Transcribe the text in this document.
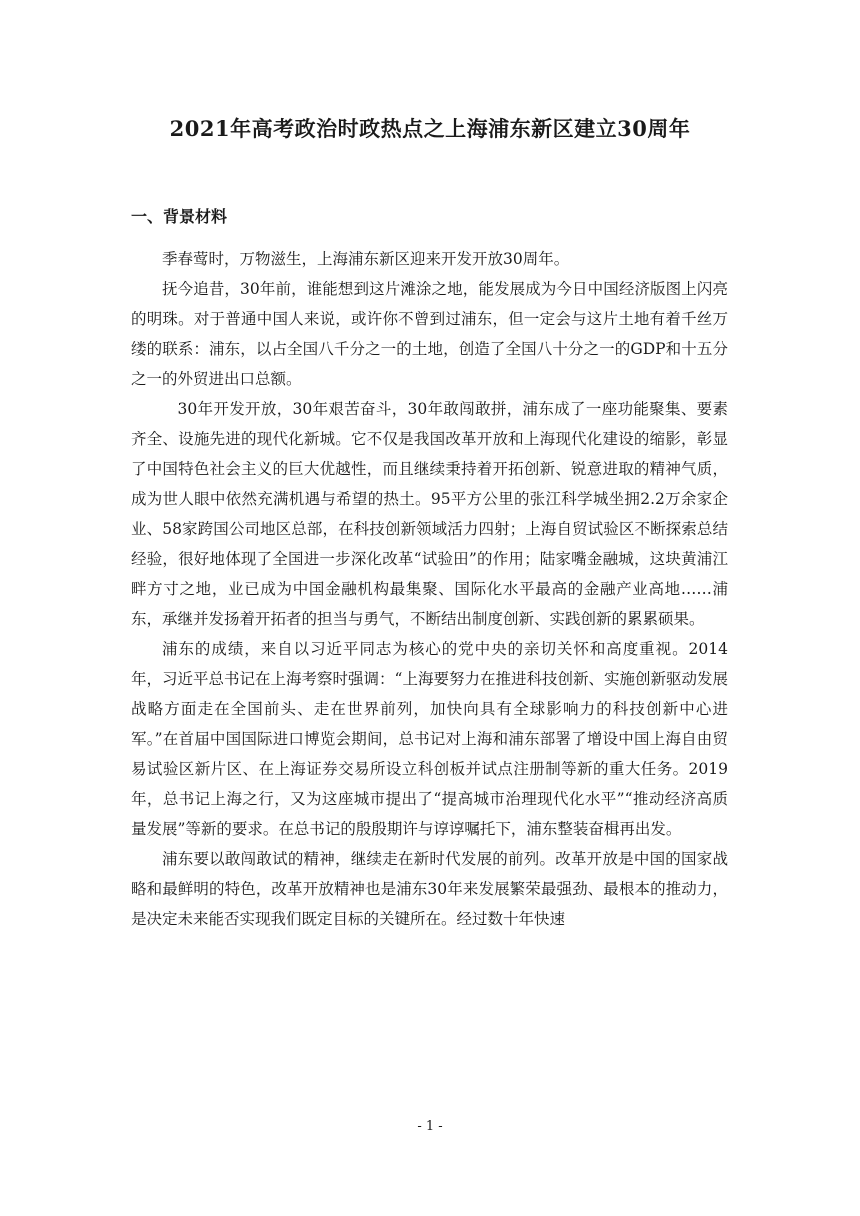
2021年高考政治时政热点之上海浦东新区建立30周年
一、背景材料

季春莺时，万物滋生，上海浦东新区迎来开发开放30周年。

抚今追昔，30年前，谁能想到这片滩涂之地，能发展成为今日中国经济版图上闪亮的明珠。对于普通中国人来说，或许你不曾到过浦东，但一定会与这片土地有着千丝万缕的联系：浦东，以占全国八千分之一的土地，创造了全国八十分之一的GDP和十五分之一的外贸进出口总额。

30年开发开放，30年艰苦奋斗，30年敢闯敢拼，浦东成了一座功能聚集、要素齐全、设施先进的现代化新城。它不仅是我国改革开放和上海现代化建设的缩影，彰显了中国特色社会主义的巨大优越性，而且继续秉持着开拓创新、锐意进取的精神气质，成为世人眼中依然充满机遇与希望的热土。95平方公里的张江科学城坐拥2.2万余家企业、58家跨国公司地区总部，在科技创新领域活力四射；上海自贸试验区不断探索总结经验，很好地体现了全国进一步深化改革“试验田”的作用；陆家嘴金融城，这块黄浦江畔方寸之地，业已成为中国金融机构最集聚、国际化水平最高的金融产业高地……浦东，承继并发扬着开拓者的担当与勇气，不断结出制度创新、实践创新的累累硕果。

浦东的成绩，来自以习近平同志为核心的党中央的亲切关怀和高度重视。2014年，习近平总书记在上海考察时强调：“上海要努力在推进科技创新、实施创新驱动发展战略方面走在全国前头、走在世界前列，加快向具有全球影响力的科技创新中心进军。”在首届中国国际进口博览会期间，总书记对上海和浦东部署了增设中国上海自由贸易试验区新片区、在上海证券交易所设立科创板并试点注册制等新的重大任务。2019年，总书记上海之行，又为这座城市提出了“提高城市治理现代化水平”“推动经济高质量发展”等新的要求。在总书记的殷殷期许与谆谆嘱托下，浦东整装奋楫再出发。

浦东要以敢闯敢试的精神，继续走在新时代发展的前列。改革开放是中国的国家战略和最鲜明的特色，改革开放精神也是浦东30年来发展繁荣最强劲、最根本的推动力，是决定未来能否实现我们既定目标的关键所在。经过数十年快速

- 1 -
